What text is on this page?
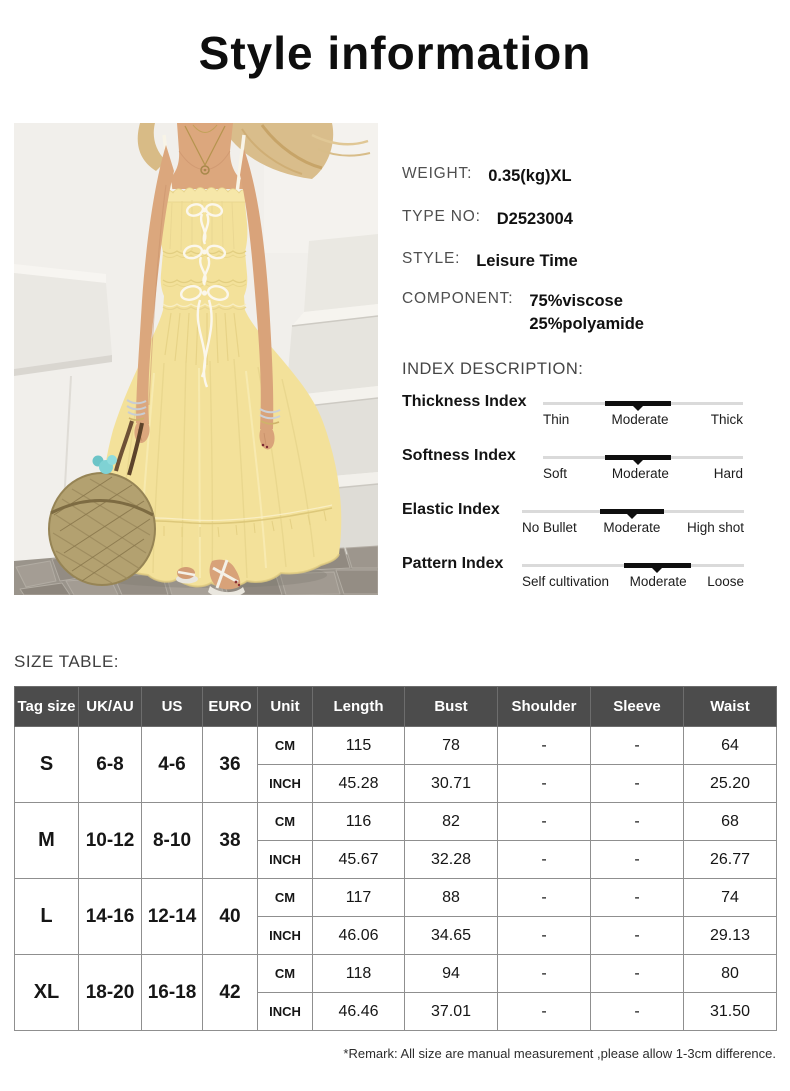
Style information
WEIGHT: 0.35(kg)XL
TYPE NO: D2523004
STYLE: Leisure Time
COMPONENT: 75%viscose
25%polyamide
INDEX DESCRIPTION:
Thickness Index
Thin	Moderate	Thick
Softness Index
Soft	Moderate	Hard
Elastic Index
No Bullet Moderate High shot
Pattern Index
Self cultivation Moderate Loose
SIZE TABLE:
Tag size	UK/AU	US	EURO	Unit	Length	Bust	Shoulder	Sleeve	Waist
S	6-8	4-6	36	CM	115	78	-	-	64
				INCH	45.28	30.71	-	-	25.20
M	10-12	8-10	38	CM	116	82	-	-	68
				INCH	45.67	32.28	-	-	26.77
L	14-16	12-14	40	CM	117	88	-	-	74
				INCH	46.06	34.65	-	-	29.13
XL	18-20	16-18	42	CM	118	94	-	-	80
				INCH	46.46	37.01	-	-	31.50
*Remark: All size are manual measurement ,please allow 1-3cm difference.
